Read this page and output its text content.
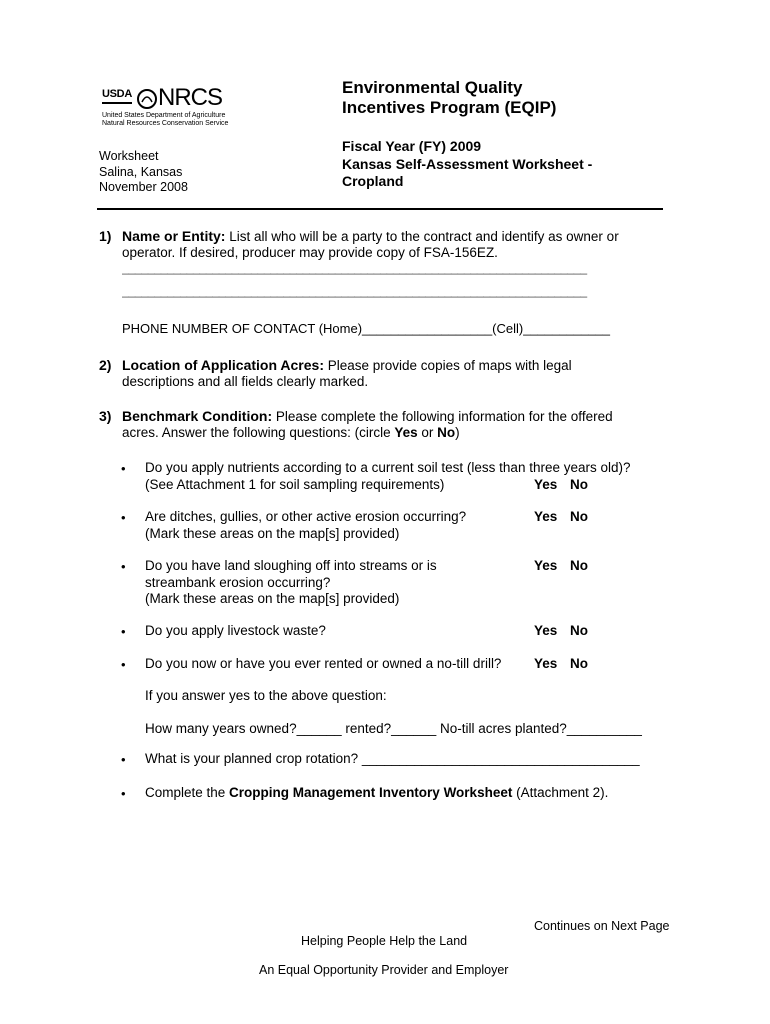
USDA NRCS
United States Department of Agriculture
Natural Resources Conservation Service
Worksheet
Salina, Kansas
November 2008
Environmental Quality
Incentives Program (EQIP)
Fiscal Year (FY) 2009
Kansas Self-Assessment Worksheet -
Cropland
1) Name or Entity: List all who will be a party to the contract and identify as owner or
operator. If desired, producer may provide copy of FSA-156EZ.
________________________________________________________________________
________________________________________________________________________
PHONE NUMBER OF CONTACT (Home)__________________(Cell)____________
2) Location of Application Acres: Please provide copies of maps with legal
descriptions and all fields clearly marked.
3) Benchmark Condition: Please complete the following information for the offered
acres. Answer the following questions: (circle Yes or No)
• Do you apply nutrients according to a current soil test (less than three years old)?
(See Attachment 1 for soil sampling requirements)	Yes No
• Are ditches, gullies, or other active erosion occurring?
(Mark these areas on the map[s] provided)
Yes No
• Do you have land sloughing off into streams or is
streambank erosion occurring?
(Mark these areas on the map[s] provided)
Yes No
• Do you apply livestock waste?	Yes No
• Do you now or have you ever rented or owned a no-till drill? Yes No
If you answer yes to the above question:
How many years owned?______ rented?______ No-till acres planted?__________
• What is your planned crop rotation? _____________________________________
• Complete the Cropping Management Inventory Worksheet (Attachment 2).
Continues on Next Page
Helping People Help the Land
An Equal Opportunity Provider and Employer
